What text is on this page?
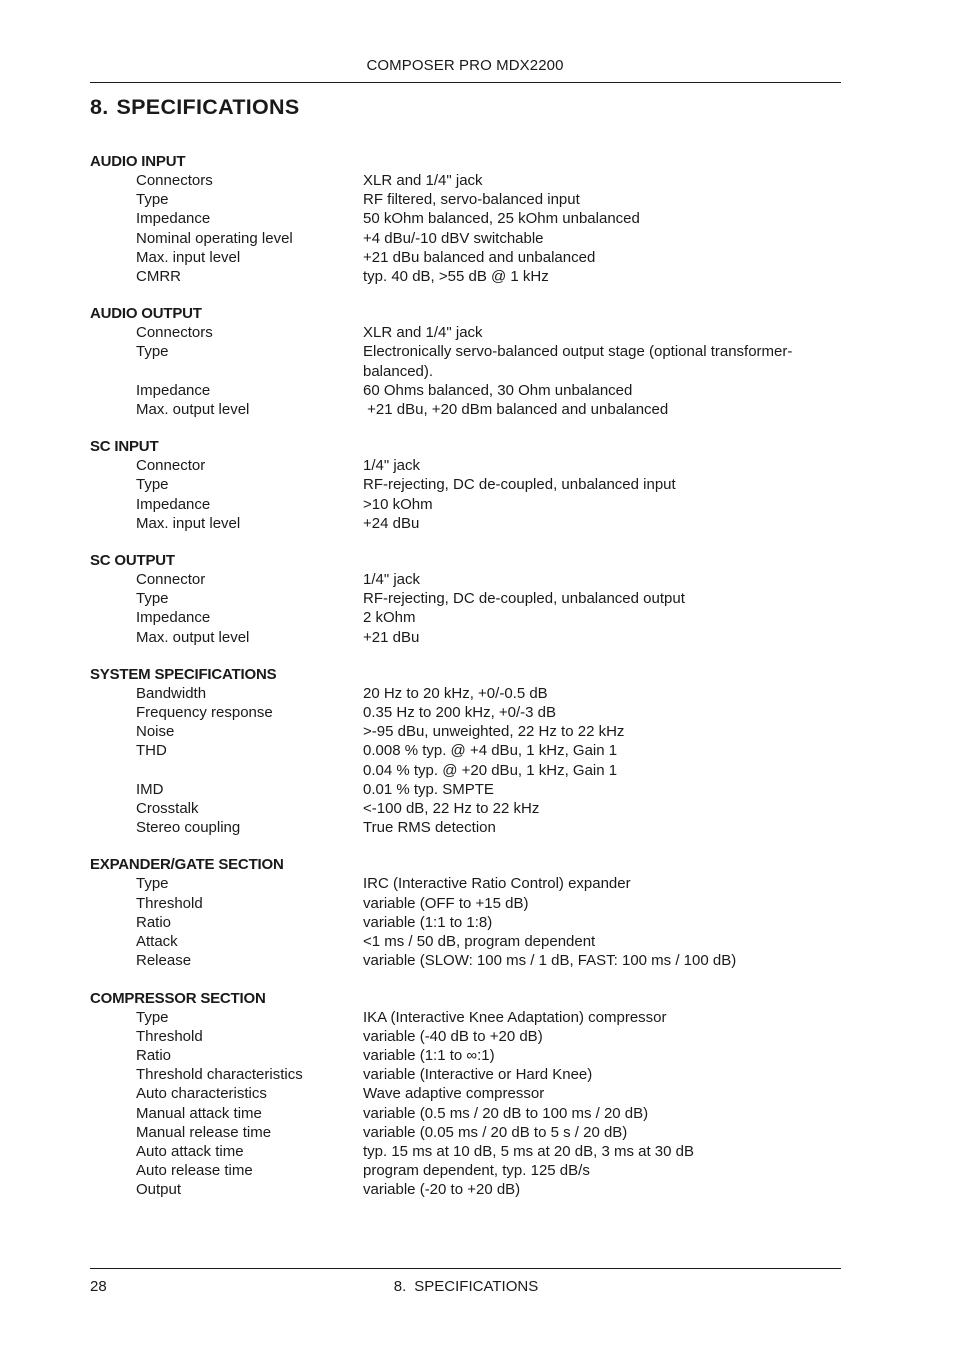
COMPOSER PRO MDX2200
8. SPECIFICATIONS
AUDIO INPUT
Connectors	XLR and 1/4" jack
Type	RF filtered, servo-balanced input
Impedance	50 kOhm balanced, 25 kOhm unbalanced
Nominal operating level	+4 dBu/-10 dBV switchable
Max. input level	+21 dBu balanced and unbalanced
CMRR	typ. 40 dB, >55 dB @ 1 kHz
AUDIO OUTPUT
Connectors	XLR and 1/4" jack
Type	Electronically servo-balanced output stage (optional transformer-
balanced).
Impedance	60 Ohms balanced, 30 Ohm unbalanced
Max. output level	+21 dBu, +20 dBm balanced and unbalanced
SC INPUT
Connector	1/4" jack
Type	RF-rejecting, DC de-coupled, unbalanced input
Impedance	>10 kOhm
Max. input level	+24 dBu
SC OUTPUT
Connector	1/4" jack
Type	RF-rejecting, DC de-coupled, unbalanced output
Impedance	2 kOhm
Max. output level	+21 dBu
SYSTEM SPECIFICATIONS
Bandwidth	20 Hz to 20 kHz, +0/-0.5 dB
Frequency response	0.35 Hz to 200 kHz, +0/-3 dB
Noise	>-95 dBu, unweighted, 22 Hz to 22 kHz
THD	0.008 % typ. @ +4 dBu, 1 kHz, Gain 1
0.04 % typ. @ +20 dBu, 1 kHz, Gain 1
IMD	0.01 % typ. SMPTE
Crosstalk	<-100 dB, 22 Hz to 22 kHz
Stereo coupling	True RMS detection
EXPANDER/GATE SECTION
Type	IRC (Interactive Ratio Control) expander
Threshold	variable (OFF to +15 dB)
Ratio	variable (1:1 to 1:8)
Attack	<1 ms / 50 dB, program dependent
Release	variable (SLOW: 100 ms / 1 dB, FAST: 100 ms / 100 dB)
COMPRESSOR SECTION
Type	IKA (Interactive Knee Adaptation) compressor
Threshold	variable (-40 dB to +20 dB)
Ratio	variable (1:1 to ∞:1)
Threshold characteristics	variable (Interactive or Hard Knee)
Auto characteristics	Wave adaptive compressor
Manual attack time	variable (0.5 ms / 20 dB to 100 ms / 20 dB)
Manual release time	variable (0.05 ms / 20 dB to 5 s / 20 dB)
Auto attack time	typ. 15 ms at 10 dB, 5 ms at 20 dB, 3 ms at 30 dB
Auto release time	program dependent, typ. 125 dB/s
Output	variable (-20 to +20 dB)
28	8. SPECIFICATIONS
